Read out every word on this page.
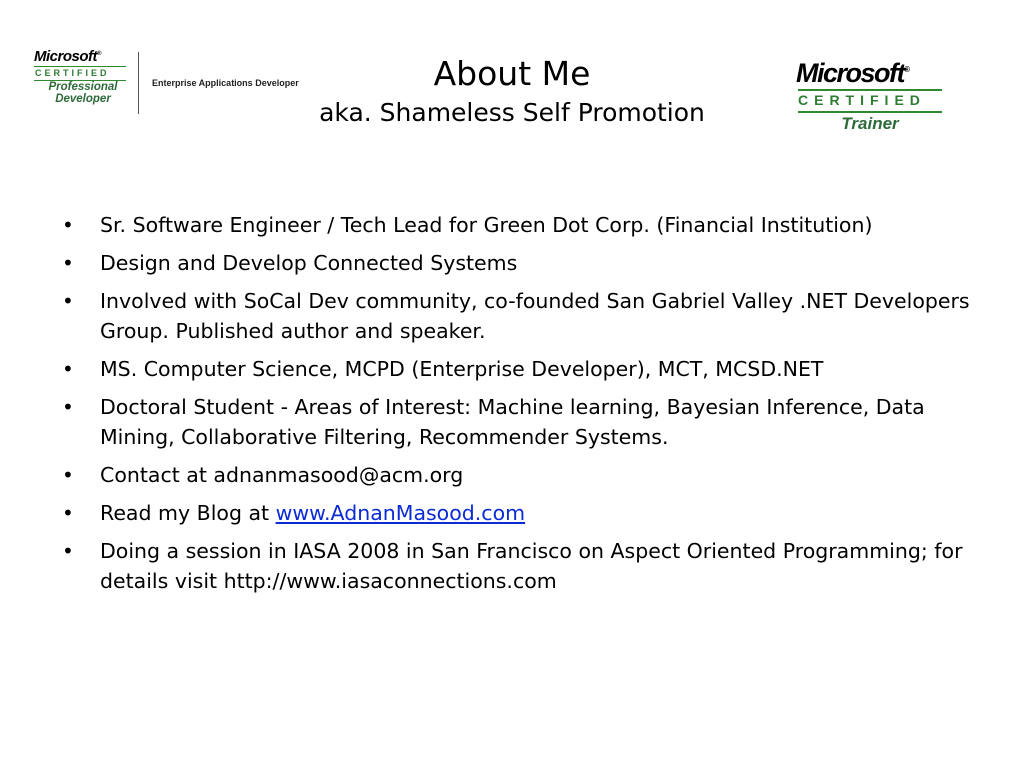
Microsoft®
CERTIFIED
Professional
Developer
Enterprise Applications Developer	About Me
aka. Shameless Self Promotion
Microsoft®
CERTIFIED
Trainer
• Sr. Software Engineer / Tech Lead for Green Dot Corp. (Financial Institution)
• Design and Develop Connected Systems
• Involved with SoCal Dev community, co-founded San Gabriel Valley .NET Developers Group. Published author and speaker.
• MS. Computer Science, MCPD (Enterprise Developer), MCT, MCSD.NET
• Doctoral Student - Areas of Interest: Machine learning, Bayesian Inference, Data Mining, Collaborative Filtering, Recommender Systems.
• Contact at adnanmasood@acm.org
• Read my Blog at www.AdnanMasood.com
• Doing a session in IASA 2008 in San Francisco on Aspect Oriented Programming; for details visit http://www.iasaconnections.com
